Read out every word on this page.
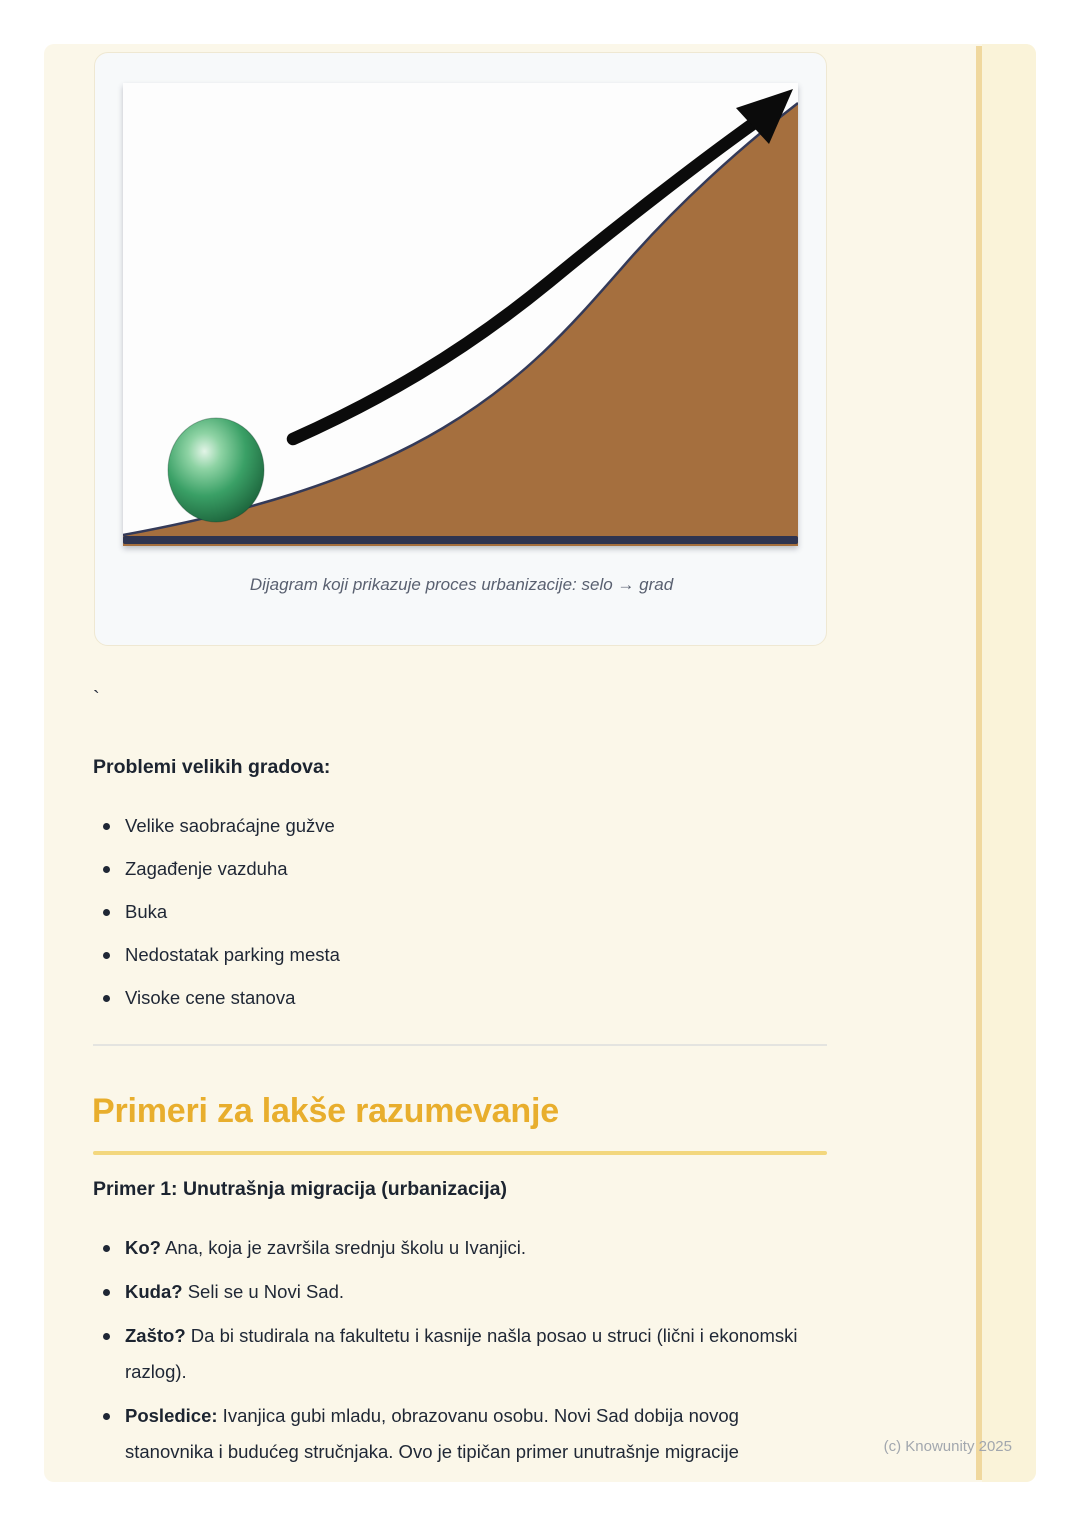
Dijagram koji prikazuje proces urbanizacije: selo → grad
`
Problemi velikih gradova:
Velike saobraćajne gužve
Zagađenje vazduha
Buka
Nedostatak parking mesta
Visoke cene stanova
Primeri za lakše razumevanje
Primer 1: Unutrašnja migracija (urbanizacija)
Ko? Ana, koja je završila srednju školu u Ivanjici.
Kuda? Seli se u Novi Sad.
Zašto? Da bi studirala na fakultetu i kasnije našla posao u struci (lični i ekonomski razlog).
Posledice: Ivanjica gubi mladu, obrazovanu osobu. Novi Sad dobija novog stanovnika i budućeg stručnjaka. Ovo je tipičan primer unutrašnje migracije	(c) Knowunity 2025
